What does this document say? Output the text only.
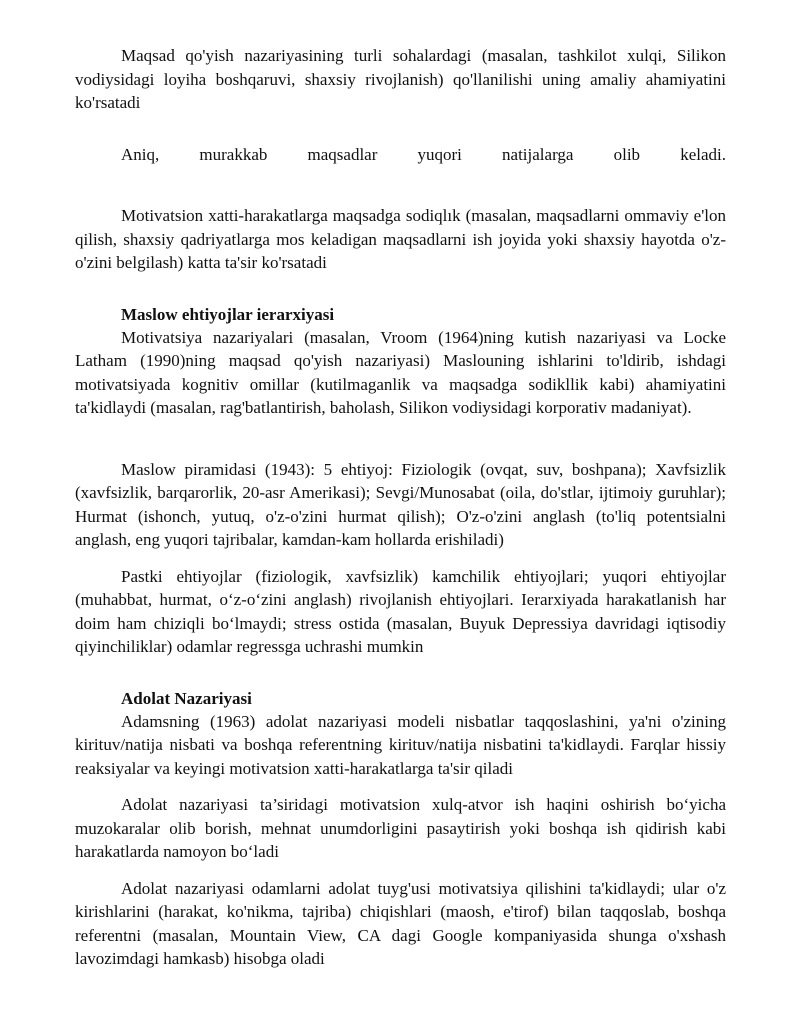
Maqsad qo'yish nazariyasining turli sohalardagi (masalan, tashkilot xulqi, Silikon vodiysidagi loyiha boshqaruvi, shaxsiy rivojlanish) qo'llanilishi uning amaliy ahamiyatini ko'rsatadi

Aniq, murakkab maqsadlar yuqori natijalarga olib keladi.

Motivatsion xatti-harakatlarga maqsadga sodiqlık (masalan, maqsadlarni ommaviy e'lon qilish, shaxsiy qadriyatlarga mos keladigan maqsadlarni ish joyida yoki shaxsiy hayotda o'z-o'zini belgilash) katta ta'sir ko'rsatadi

Maslow ehtiyojlar ierarxiyasi

Motivatsiya nazariyalari (masalan, Vroom (1964)ning kutish nazariyasi va Locke Latham (1990)ning maqsad qo'yish nazariyasi) Maslouning ishlarini to'ldirib, ishdagi motivatsiyada kognitiv omillar (kutilmaganlik va maqsadga sodikllik kabi) ahamiyatini ta'kidlaydi (masalan, rag'batlantirish, baholash, Silikon vodiysidagi korporativ madaniyat).

Maslow piramidasi (1943): 5 ehtiyoj: Fiziologik (ovqat, suv, boshpana); Xavfsizlik (xavfsizlik, barqarorlik, 20-asr Amerikasi); Sevgi/Munosabat (oila, do'stlar, ijtimoiy guruhlar); Hurmat (ishonch, yutuq, o'z-o'zini hurmat qilish); O'z-o'zini anglash (to'liq potentsialni anglash, eng yuqori tajribalar, kamdan-kam hollarda erishiladi)

Pastki ehtiyojlar (fiziologik, xavfsizlik) kamchilik ehtiyojlari; yuqori ehtiyojlar (muhabbat, hurmat, o‘z-o‘zini anglash) rivojlanish ehtiyojlari. Ierarxiyada harakatlanish har doim ham chiziqli bo‘lmaydi; stress ostida (masalan, Buyuk Depressiya davridagi iqtisodiy qiyinchiliklar) odamlar regressga uchrashi mumkin

Adolat Nazariyasi

Adamsning (1963) adolat nazariyasi modeli nisbatlar taqqoslashini, ya'ni o'zining kirituv/natija nisbati va boshqa referentning kirituv/natija nisbatini ta'kidlaydi. Farqlar hissiy reaksiyalar va keyingi motivatsion xatti-harakatlarga ta'sir qiladi

Adolat nazariyasi ta’siridagi motivatsion xulq-atvor ish haqini oshirish bo‘yicha muzokaralar olib borish, mehnat unumdorligini pasaytirish yoki boshqa ish qidirish kabi harakatlarda namoyon bo‘ladi

Adolat nazariyasi odamlarni adolat tuyg'usi motivatsiya qilishini ta'kidlaydi; ular o'z kirishlarini (harakat, ko'nikma, tajriba) chiqishlari (maosh, e'tirof) bilan taqqoslab, boshqa referentni (masalan, Mountain View, CA dagi Google kompaniyasida shunga o'xshash lavozimdagi hamkasb) hisobga oladi
